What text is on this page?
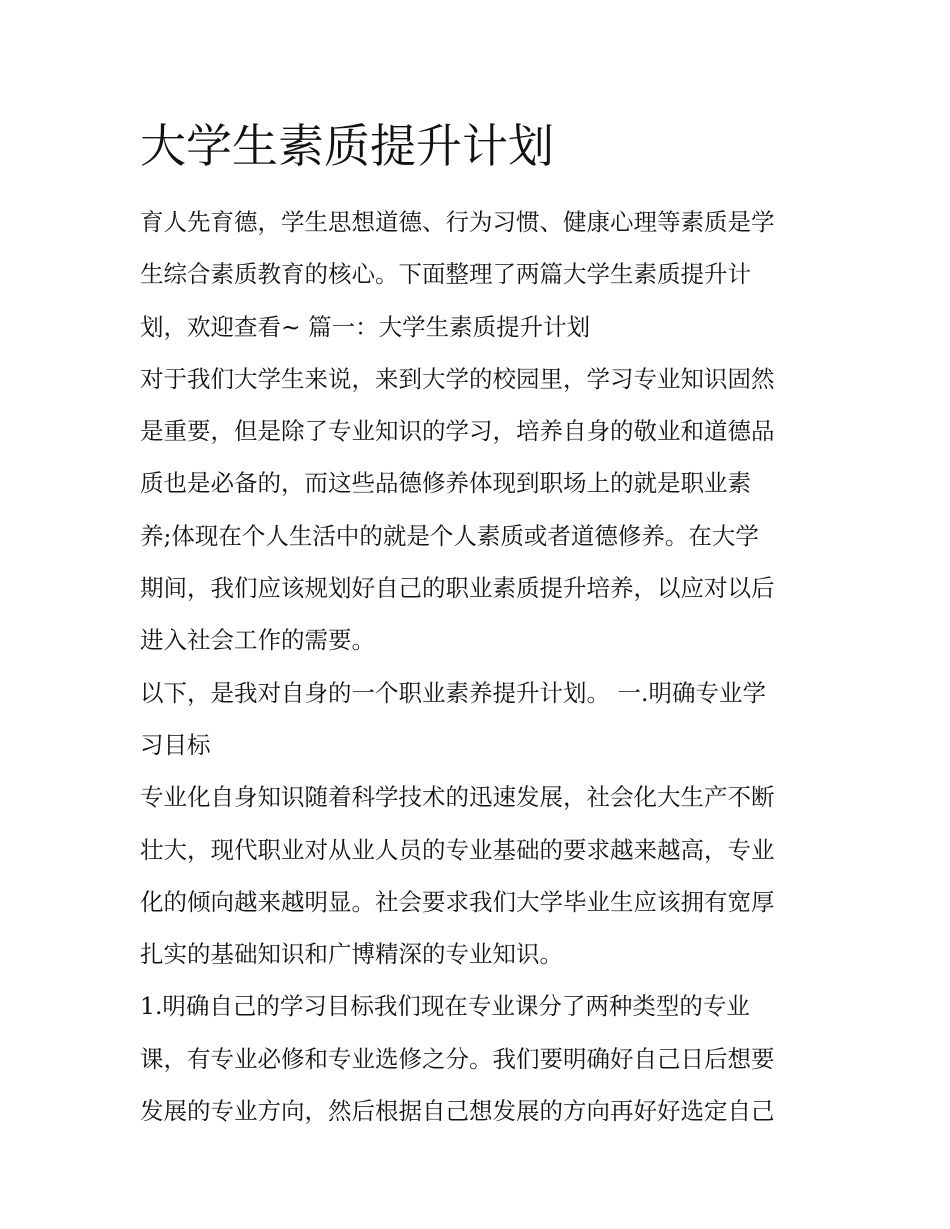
大学生素质提升计划
育人先育德，学生思想道德、行为习惯、健康心理等素质是学
生综合素质教育的核心。下面整理了两篇大学生素质提升计
划，欢迎查看~ 篇一：大学生素质提升计划
对于我们大学生来说，来到大学的校园里，学习专业知识固然
是重要，但是除了专业知识的学习，培养自身的敬业和道德品
质也是必备的，而这些品德修养体现到职场上的就是职业素
养;体现在个人生活中的就是个人素质或者道德修养。在大学
期间，我们应该规划好自己的职业素质提升培养，以应对以后
进入社会工作的需要。
以下，是我对自身的一个职业素养提升计划。 一.明确专业学
习目标
专业化自身知识随着科学技术的迅速发展，社会化大生产不断
壮大，现代职业对从业人员的专业基础的要求越来越高，专业
化的倾向越来越明显。社会要求我们大学毕业生应该拥有宽厚
扎实的基础知识和广博精深的专业知识。
1.明确自己的学习目标我们现在专业课分了两种类型的专业
课，有专业必修和专业选修之分。我们要明确好自己日后想要
发展的专业方向，然后根据自己想发展的方向再好好选定自己
